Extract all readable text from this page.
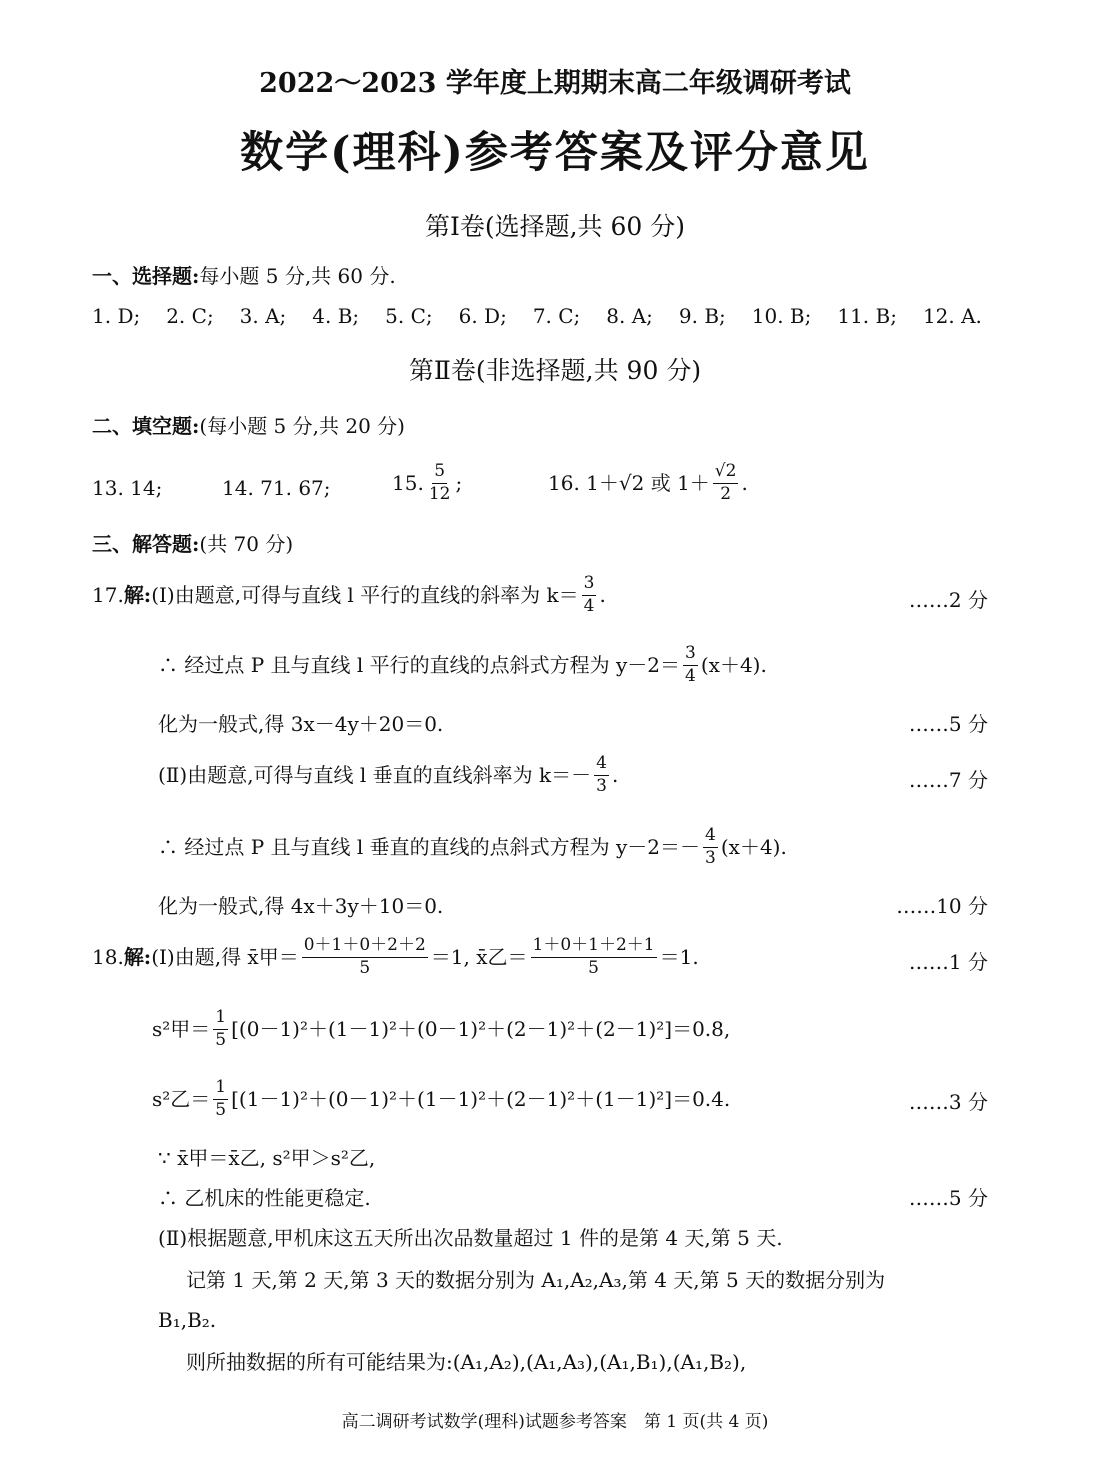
2022～2023 学年度上期期末高二年级调研考试
数学(理科)参考答案及评分意见
第Ⅰ卷(选择题,共 60 分)
一、选择题:每小题 5 分,共 60 分.
1. D; 2. C; 3. A; 4. B; 5. C; 6. D; 7. C; 8. A; 9. B; 10. B; 11. B; 12. A.
第Ⅱ卷(非选择题,共 90 分)
二、填空题:(每小题 5 分,共 20 分)
13. 14;	14. 71. 67;	15. $\frac{5}{12}$ ;	16. 1＋√2 或 $1+ \frac{√2}{2}$ .
三、解答题:(共 70 分)
17. 解: (Ⅰ)由题意,可得与直线 l 平行的直线的斜率为 $k= \frac{3}{4}$ .	……2 分
∴ 经过点 P 且与直线 l 平行的直线的点斜式方程为 $y-2= \frac{3}{4} (x+4)$.
化为一般式,得 3x－4y＋20＝0.	……5 分
(Ⅱ)由题意,可得与直线 l 垂直的直线斜率为 $k=- \frac{4}{3}$ .	……7 分
∴ 经过点 P 且与直线 l 垂直的直线的点斜式方程为 $y-2=- \frac{4}{3} (x+4)$.
化为一般式,得 4x＋3y＋10＝0.	……10 分
18. 解: (Ⅰ)由题,得 x̄甲＝ $\frac{0+1+0+2+2}{5} =1$, x̄乙＝ $\frac{1+0+1+2+1}{5} =1$.	……1 分
s²甲＝ $\frac{1}{5} [(0-1)^2+(1-1)^2+(0-1)^2+(2-1)^2+(2-1)^2]=0.8$,
s²乙＝ $\frac{1}{5} [(1-1)^2+(0-1)^2+(1-1)^2+(2-1)^2+(1-1)^2]=0.4$.	……3 分
∵ x̄甲＝x̄乙, s²甲＞s²乙,
∴ 乙机床的性能更稳定.	……5 分
(Ⅱ)根据题意,甲机床这五天所出次品数量超过 1 件的是第 4 天,第 5 天.
记第 1 天,第 2 天,第 3 天的数据分别为 A₁,A₂,A₃,第 4 天,第 5 天的数据分别为
B₁,B₂.
则所抽数据的所有可能结果为:(A₁,A₂),(A₁,A₃),(A₁,B₁),(A₁,B₂),
高二调研考试数学(理科)试题参考答案　第 1 页(共 4 页)
